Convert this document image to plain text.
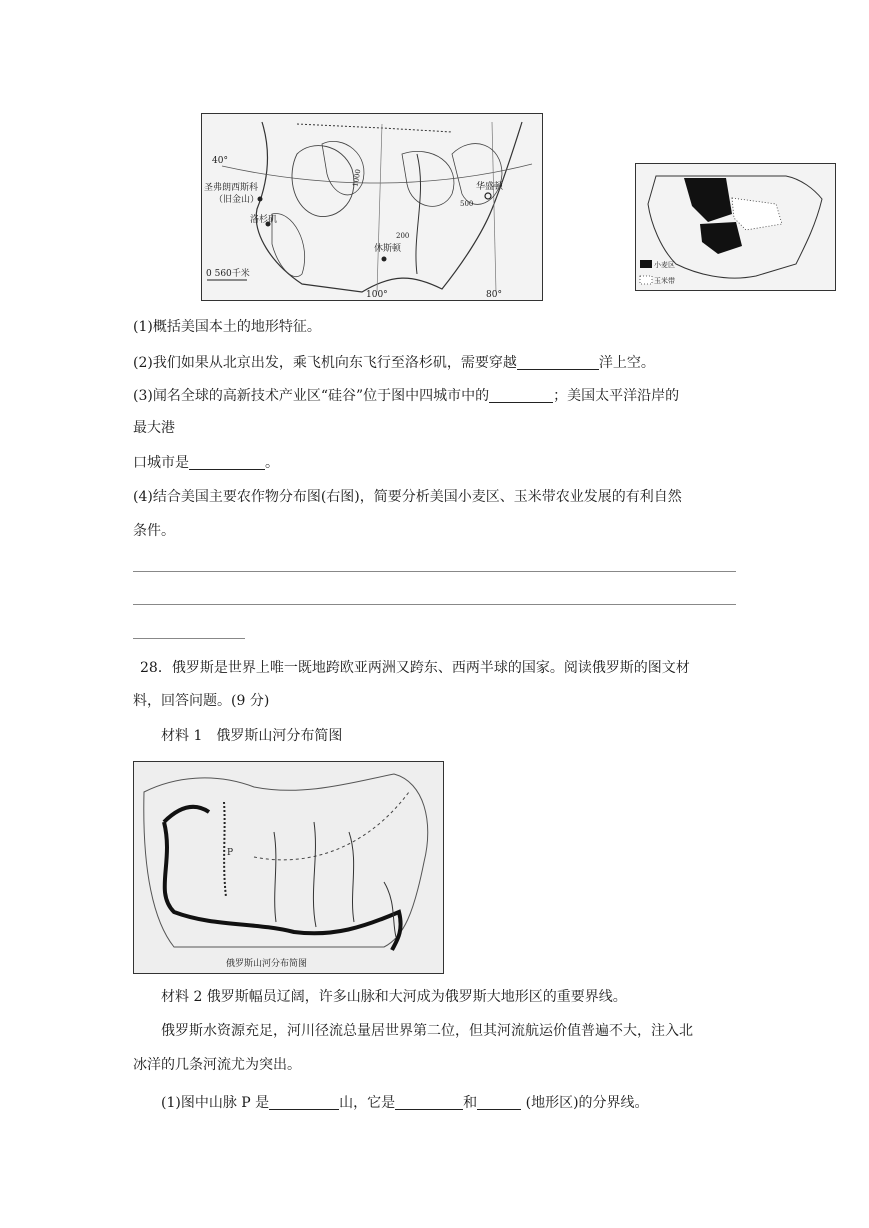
40°
圣弗朗西斯科
（旧金山）
洛杉矶
休斯顿
华盛顿
1000
500
200
0 560千米
100°	80°
小麦区
玉米带
(1)概括美国本土的地形特征。
(2)我们如果从北京出发，乘飞机向东飞行至洛杉矶，需要穿越	洋上空。
(3)闻名全球的高新技术产业区“硅谷”位于图中四城市中的	；美国太平洋沿岸的
最大港
口城市是	。
(4)结合美国主要农作物分布图(右图)，简要分析美国小麦区、玉米带农业发展的有利自然
条件。
28．俄罗斯是世界上唯一既地跨欧亚两洲又跨东、西两半球的国家。阅读俄罗斯的图文材
料，回答问题。(9 分)
材料 1　俄罗斯山河分布简图
P
俄罗斯山河分布简图
材料 2 俄罗斯幅员辽阔，许多山脉和大河成为俄罗斯大地形区的重要界线。
俄罗斯水资源充足，河川径流总量居世界第二位，但其河流航运价值普遍不大，注入北
冰洋的几条河流尤为突出。
(1)图中山脉 P 是	山，它是	和	(地形区)的分界线。
